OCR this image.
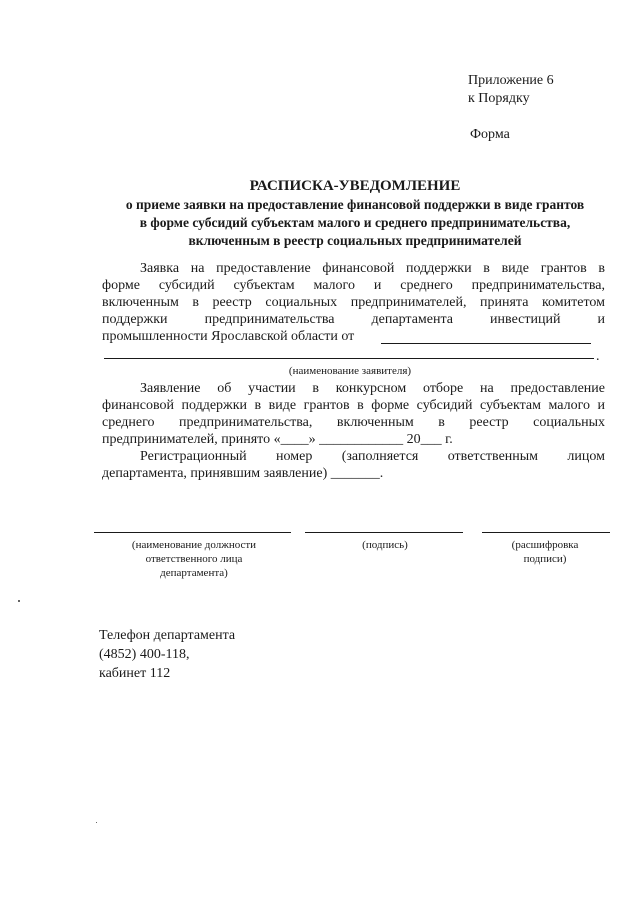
Приложение 6
к Порядку
Форма
РАСПИСКА-УВЕДОМЛЕНИЕ
о приеме заявки на предоставление финансовой поддержки в виде грантов
в форме субсидий субъектам малого и среднего предпринимательства,
включенным в реестр социальных предпринимателей
Заявка на предоставление финансовой поддержки в виде грантов в
форме субсидий субъектам малого и среднего предпринимательства,
включенным в реестр социальных предпринимателей, принята комитетом
поддержки предпринимательства департамента инвестиций и
промышленности Ярославской области от
.
(наименование заявителя)
Заявление об участии в конкурсном отборе на предоставление
финансовой поддержки в виде грантов в форме субсидий субъектам малого и
среднего предпринимательства, включенным в реестр социальных
предпринимателей, принято «____» ____________ 20___ г.
Регистрационный номер (заполняется ответственным лицом
департамента, принявшим заявление) _______.
(наименование должности
ответственного лица
департамента)
(подпись)	(расшифровка
подписи)
Телефон департамента
(4852) 400-118,
кабинет 112
